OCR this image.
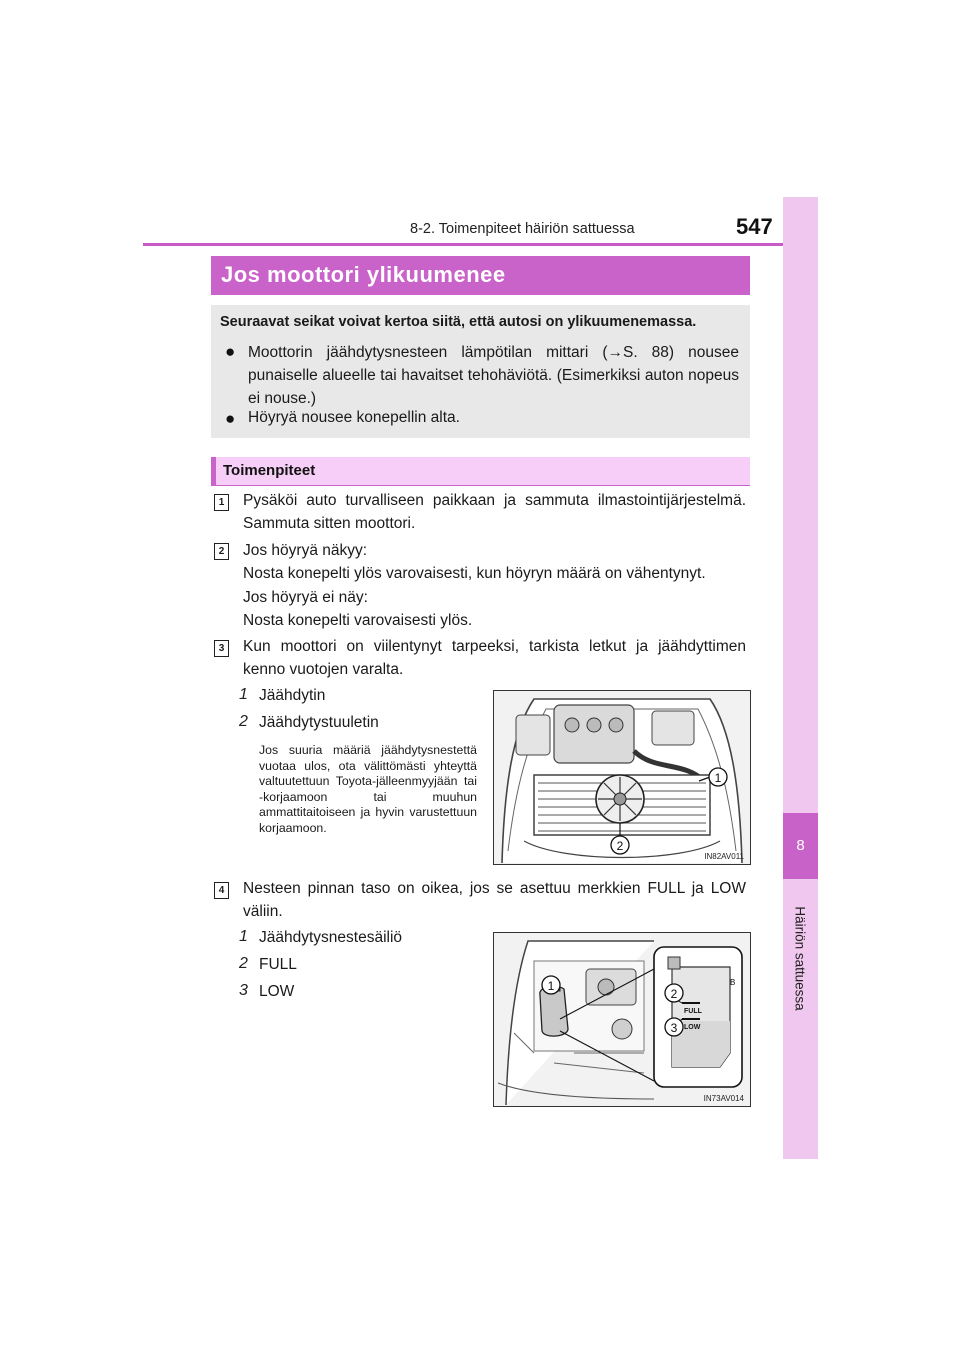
8-2. Toimenpiteet häiriön sattuessa	547
8
Häiriön sattuessa
Jos moottori ylikuumenee
Seuraavat seikat voivat kertoa siitä, että autosi on ylikuumenemassa.
● Moottorin jäähdytysnesteen lämpötilan mittari (→S. 88) nousee punaiselle alueelle tai havaitset tehohäviötä. (Esimerkiksi auton nopeus ei nouse.)
● Höyryä nousee konepellin alta.
Toimenpiteet
1	Pysäköi auto turvalliseen paikkaan ja sammuta ilmastointijärjestelmä. Sammuta sitten moottori.
2	Jos höyryä näkyy:
Nosta konepelti ylös varovaisesti, kun höyryn määrä on vähentynyt.
Jos höyryä ei näy:
Nosta konepelti varovaisesti ylös.
3	Kun moottori on viilentynyt tarpeeksi, tarkista letkut ja jäähdyttimen kenno vuotojen varalta.
1 Jäähdytin
2 Jäähdytystuuletin
Jos suuria määriä jäähdytysnestettä vuotaa ulos, ota välittömästi yhteyttä valtuutettuun Toyota-jälleenmyyjään tai -korjaamoon tai muuhun ammattitaitoiseen ja hyvin varustettuun korjaamoon.
1
2
IN82AV011
4	Nesteen pinnan taso on oikea, jos se asettuu merkkien FULL ja LOW väliin.
1 Jäähdytysnestesäiliö
2 FULL
3 LOW
FULL
LOW
B
1
2
3
IN73AV014
